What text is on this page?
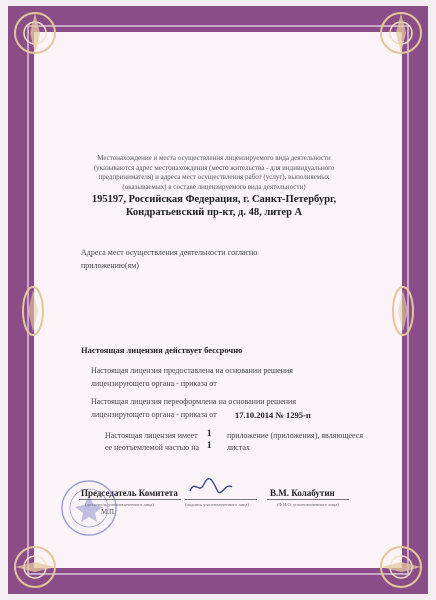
Местонахождение и места осуществления лицензируемого вида деятельности (указываются адрес местонахождения (место жительства - для индивидуального предпринимателя) и адреса мест осуществления работ (услуг), выполняемых (оказываемых) в составе лицензируемого вида деятельности)
195197, Российская Федерация, г. Санкт-Петербург,
Кондратьевский пр-кт, д. 48, литер А
Адреса мест осуществления деятельности согласно
приложению(ям)
Настоящая лицензия действует бессрочно
Настоящая лицензия предоставлена на основании решения
лицензирующего органа - приказа от
Настоящая лицензия переоформлена на основании решения
лицензирующего органа - приказа от 17.10.2014 № 1295-п
Настоящая лицензия имеет 1 приложение (приложения), являющееся
ее неотъемлемой частью на 1 листах
Председатель Комитета	В.М. Колабутин
(должность уполномоченного лица)	(подпись уполномоченного лица)	(Ф.И.О. уполномоченного лица)
М.П.
